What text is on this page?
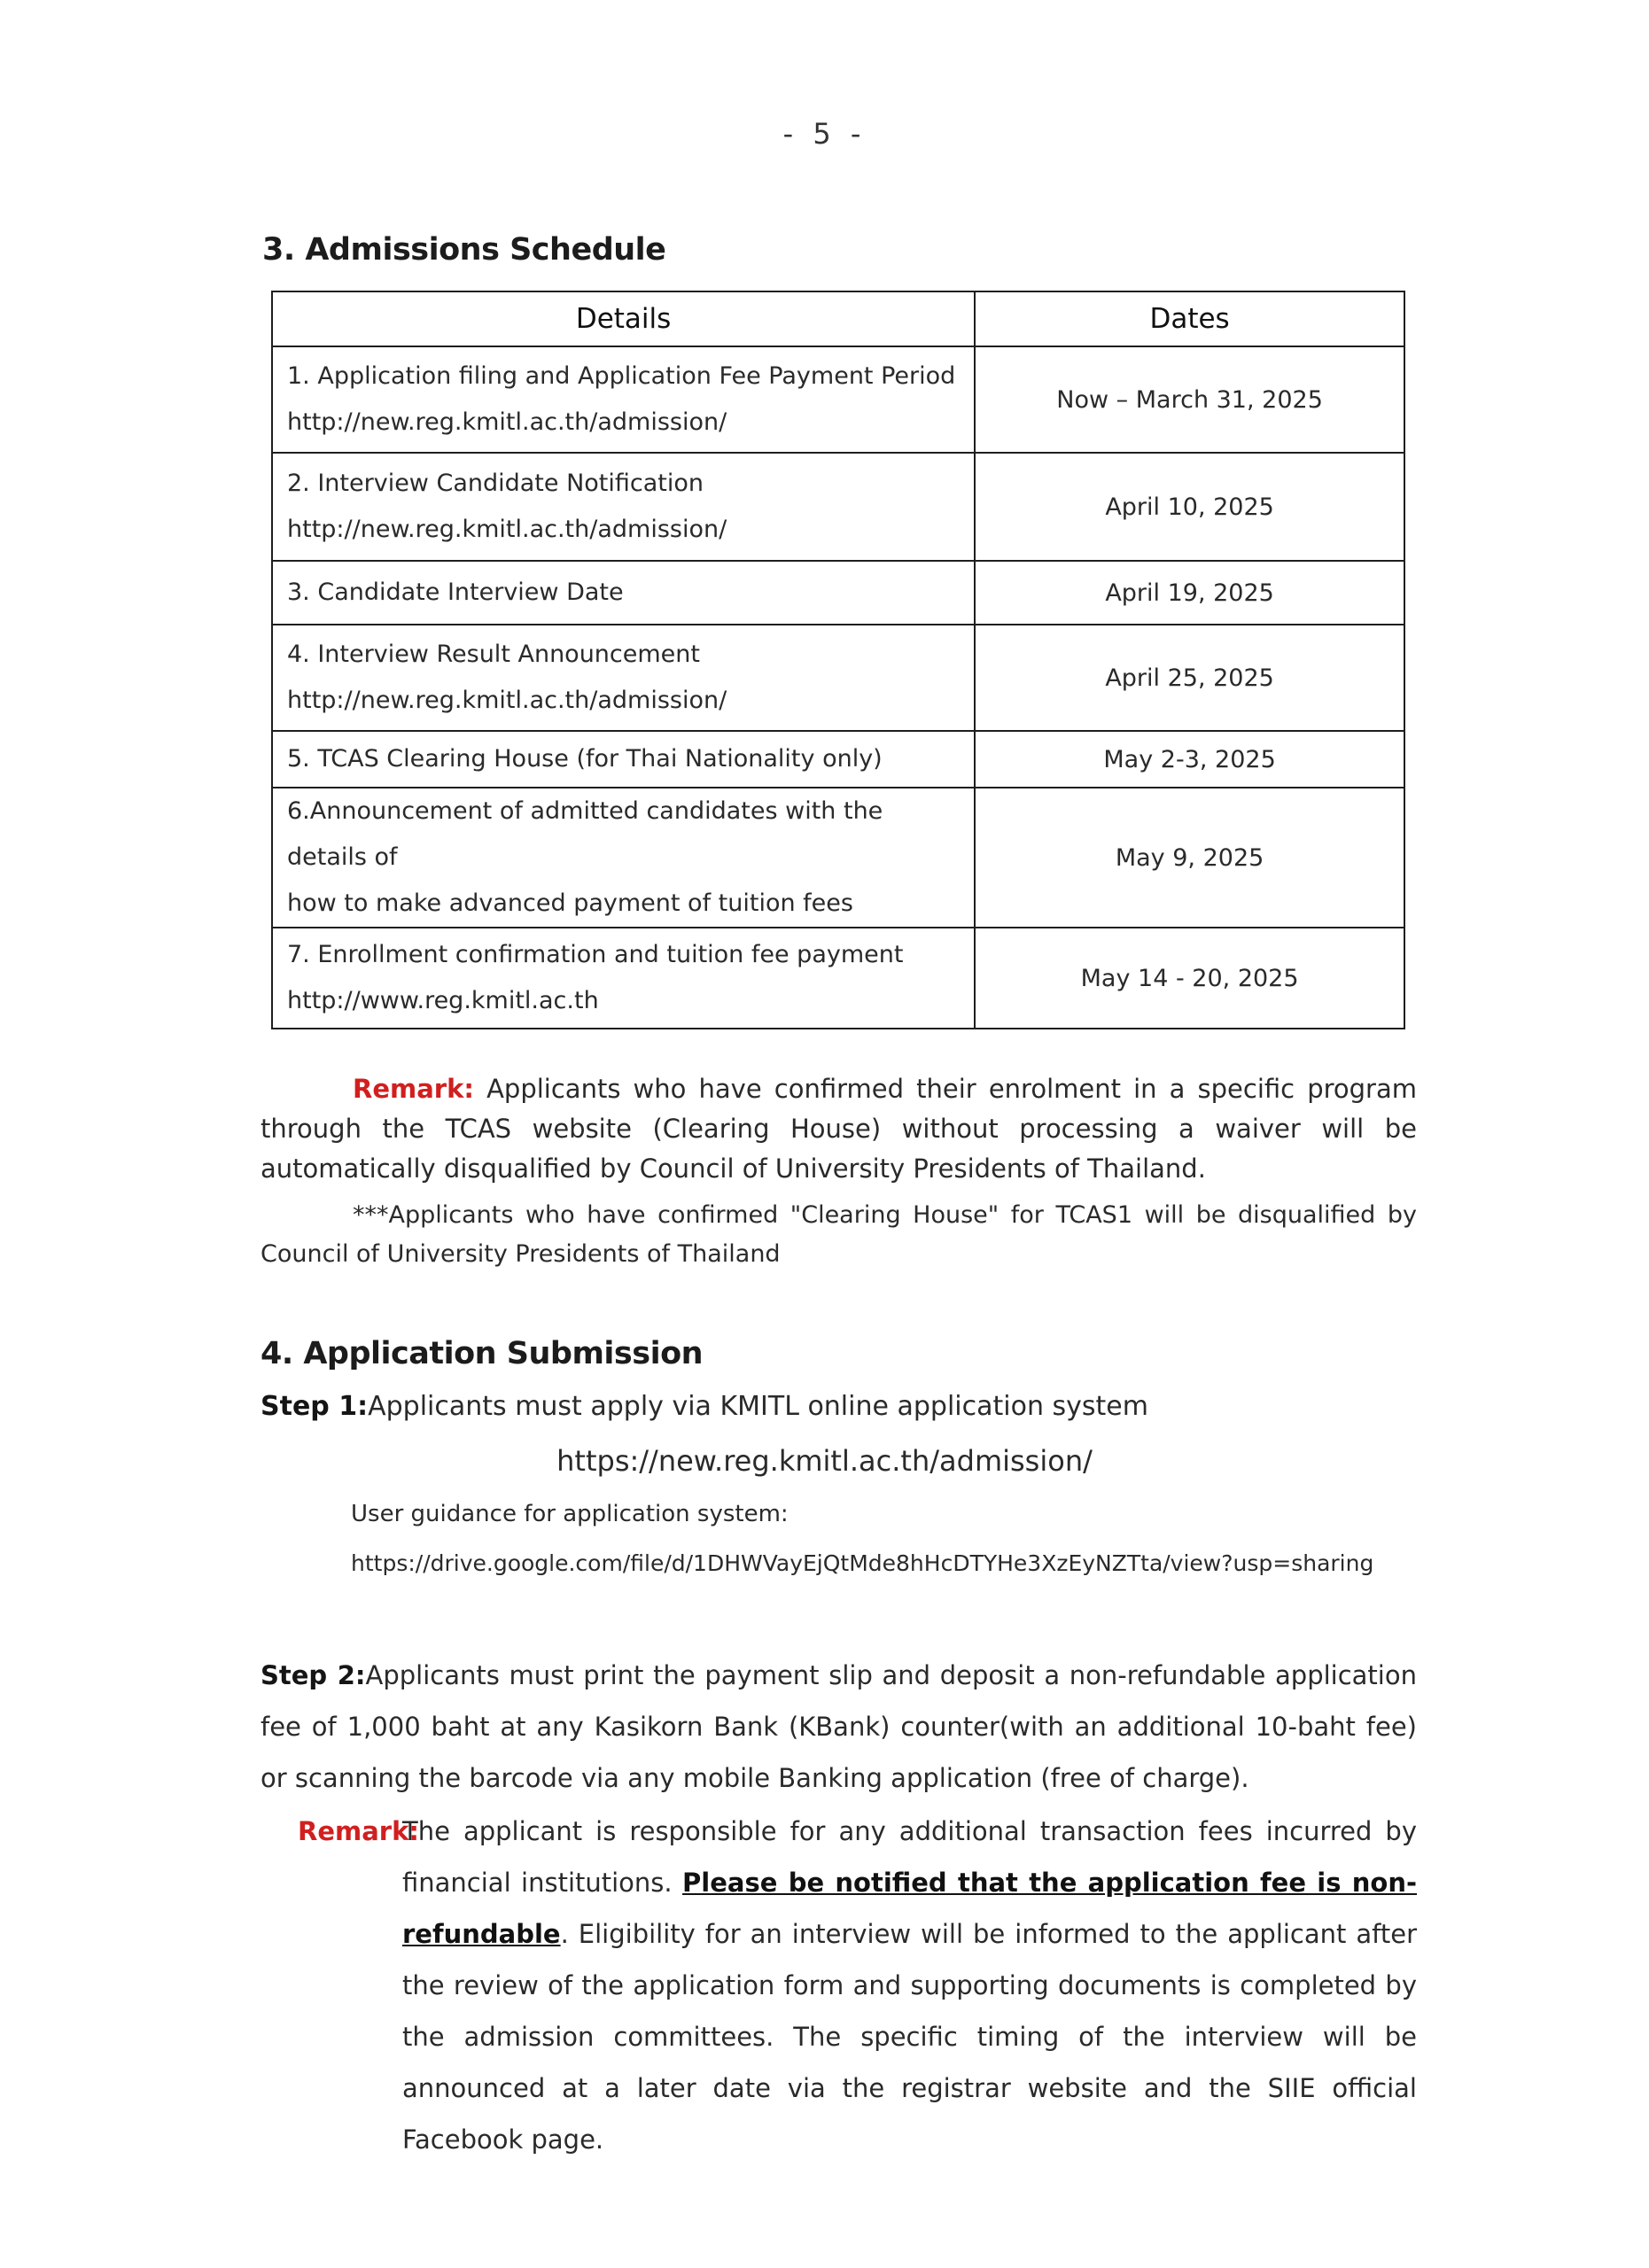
- 5 -
3. Admissions Schedule
Details	Dates
1. Application filing and Application Fee Payment Period
http://new.reg.kmitl.ac.th/admission/	Now – March 31, 2025
2. Interview Candidate Notification
http://new.reg.kmitl.ac.th/admission/	April 10, 2025
3. Candidate Interview Date	April 19, 2025
4. Interview Result Announcement
http://new.reg.kmitl.ac.th/admission/	April 25, 2025
5. TCAS Clearing House (for Thai Nationality only)	May 2-3, 2025
6.Announcement of admitted candidates with the details of
how to make advanced payment of tuition fees	May 9, 2025
7. Enrollment confirmation and tuition fee payment
http://www.reg.kmitl.ac.th	May 14 - 20, 2025
Remark: Applicants who have confirmed their enrolment in a specific program through the TCAS website (Clearing House) without processing a waiver will be automatically disqualified by Council of University Presidents of Thailand.
***Applicants who have confirmed "Clearing House" for TCAS1 will be disqualified by Council of University Presidents of Thailand
4. Application Submission
Step 1:Applicants must apply via KMITL online application system
https://new.reg.kmitl.ac.th/admission/
User guidance for application system:
https://drive.google.com/file/d/1DHWVayEjQtMde8hHcDTYHe3XzEyNZTta/view?usp=sharing
Step 2:Applicants must print the payment slip and deposit a non-refundable application fee of 1,000 baht at any Kasikorn Bank (KBank) counter(with an additional 10-baht fee) or scanning the barcode via any mobile Banking application (free of charge).
Remark:
The applicant is responsible for any additional transaction fees incurred by financial institutions. Please be notified that the application fee is non-refundable. Eligibility for an interview will be informed to the applicant after the review of the application form and supporting documents is completed by the admission committees. The specific timing of the interview will be announced at a later date via the registrar website and the SIIE official Facebook page.
